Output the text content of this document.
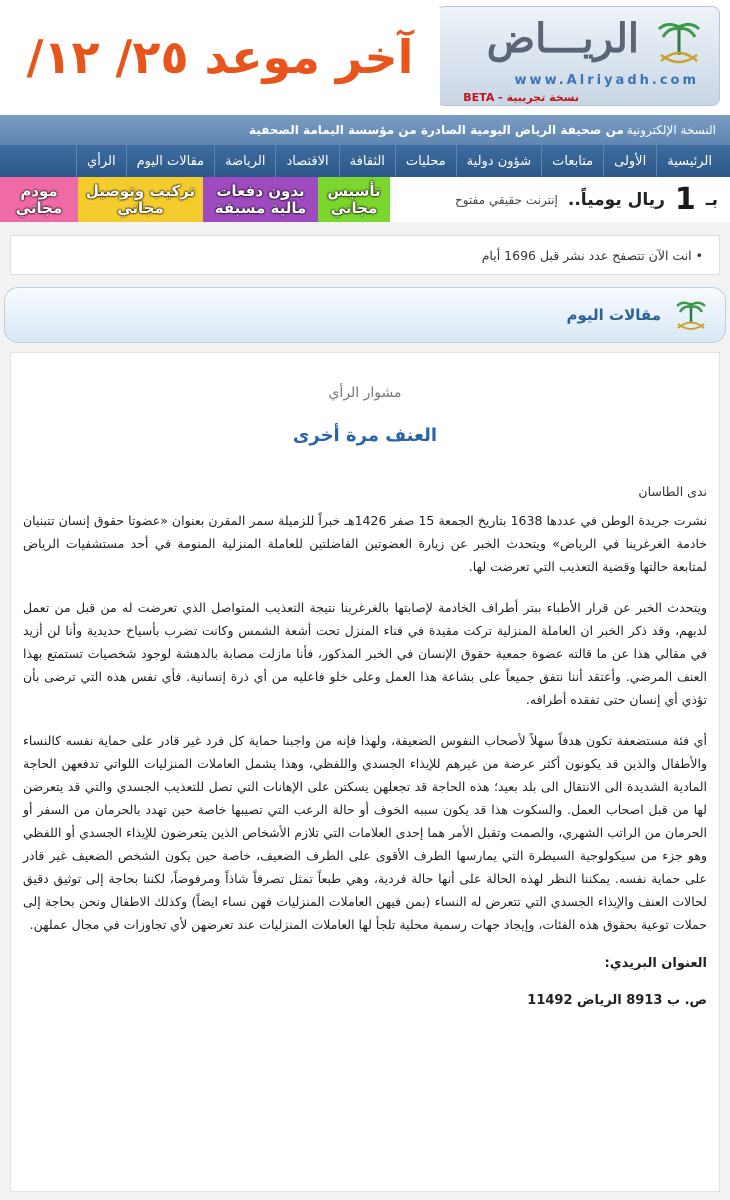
الريـــاض
www.Alriyadh.com
BETA - نسخة تجريبية
آخر موعد ٢٥/ ١٢/
النسخة الإلكترونية
من صحيفة الرياض اليومية الصادرة من مؤسسة اليمامة الصحفية
الرئيسية
الأولى
متابعات
شؤون دولية
محليات
الثقافة
الاقتصاد
الرياضة
مقالات اليوم
الرأي
بـ
1
ريال يومياً..
إنترنت حقيقي مفتوح
تأسيس
مجاني
بدون دفعات
مالية مسبقة
تركيب وتوصيل
مجاني
مودم
مجاني
• انت الآن تتصفح عدد نشر قبل 1696 أيام
مقالات اليوم
مشوار الرأي
العنف مرة أخرى
ندى الطاسان

نشرت جريدة الوطن في عددها 1638 بتاريخ الجمعة 15 صفر 1426هـ خبراً للزميلة سمر المقرن بعنوان «عضوتا حقوق إنسان تتبنيان خادمة الغرغرينا في الرياض» ويتحدث الخبر عن زيارة العضوتين الفاضلتين للعاملة المنزلية المنومة في أحد مستشفيات الرياض لمتابعة حالتها وقضية التعذيب التي تعرضت لها.

ويتحدث الخبر عن قرار الأطباء ببتر أطراف الخادمة لإصابتها بالغرغرينا نتيجة التعذيب المتواصل الذي تعرضت له من قبل من تعمل لديهم، وقد ذكر الخبر ان العاملة المنزلية تركت مقيدة في فناء المنزل تحت أشعة الشمس وكانت تضرب بأسياخ حديدية وأنا لن أزيد في مقالي هذا عن ما قالته عضوة جمعية حقوق الإنسان في الخبر المذكور، فأنا مازلت مصابة بالدهشة لوجود شخصيات تستمتع بهذا العنف المرضي. وأعتقد أننا نتفق جميعاً على بشاعة هذا العمل وعلى خلو فاعليه من أي ذرة إنسانية. فأي نفس هذه التي ترضى بأن تؤذي أي إنسان حتى تفقده أطرافه.

أي فئة مستضعفة تكون هدفاً سهلاً لأصحاب النفوس الضعيفة، ولهذا فإنه من واجبنا حماية كل فرد غير قادر على حماية نفسه كالنساء والأطفال والذين قد يكونون أكثر عرضة من غيرهم للإيذاء الجسدي واللفظي، وهذا يشمل العاملات المنزليات اللواتي تدفعهن الحاجة المادية الشديدة الى الانتقال الى بلد بعيد؛ هذه الحاجة قد تجعلهن يسكتن على الإهانات التي تصل للتعذيب الجسدي والتي قد يتعرضن لها من قبل اصحاب العمل. والسكوت هذا قد يكون سببه الخوف أو حالة الرعب التي تصيبها خاصة حين تهدد بالحرمان من السفر أو الحرمان من الراتب الشهري، والصمت وتقبل الأمر هما إحدى العلامات التي تلازم الأشخاص الذين يتعرضون للإيذاء الجسدي أو اللفظي وهو جزء من سيكولوجية السيطرة التي يمارسها الطرف الأقوى على الطرف الضعيف، خاصة حين يكون الشخص الضعيف غير قادر على حماية نفسه. يمكننا النظر لهذه الحالة على أنها حالة فردية، وهي طبعاً تمثل تصرفاً شاذاً ومرفوضاً، لكننا بحاجة إلى توثيق دقيق لحالات العنف والإيذاء الجسدي التي تتعرض له النساء (بمن فيهن العاملات المنزليات فهن نساء ايضاً) وكذلك الاطفال ونحن بحاجة إلى حملات توعية بحقوق هذه الفئات، وإيجاد جهات رسمية محلية تلجأ لها العاملات المنزليات عند تعرضهن لأي تجاوزات في مجال عملهن.

العنوان البريدي:
ص. ب 8913 الرياض 11492
